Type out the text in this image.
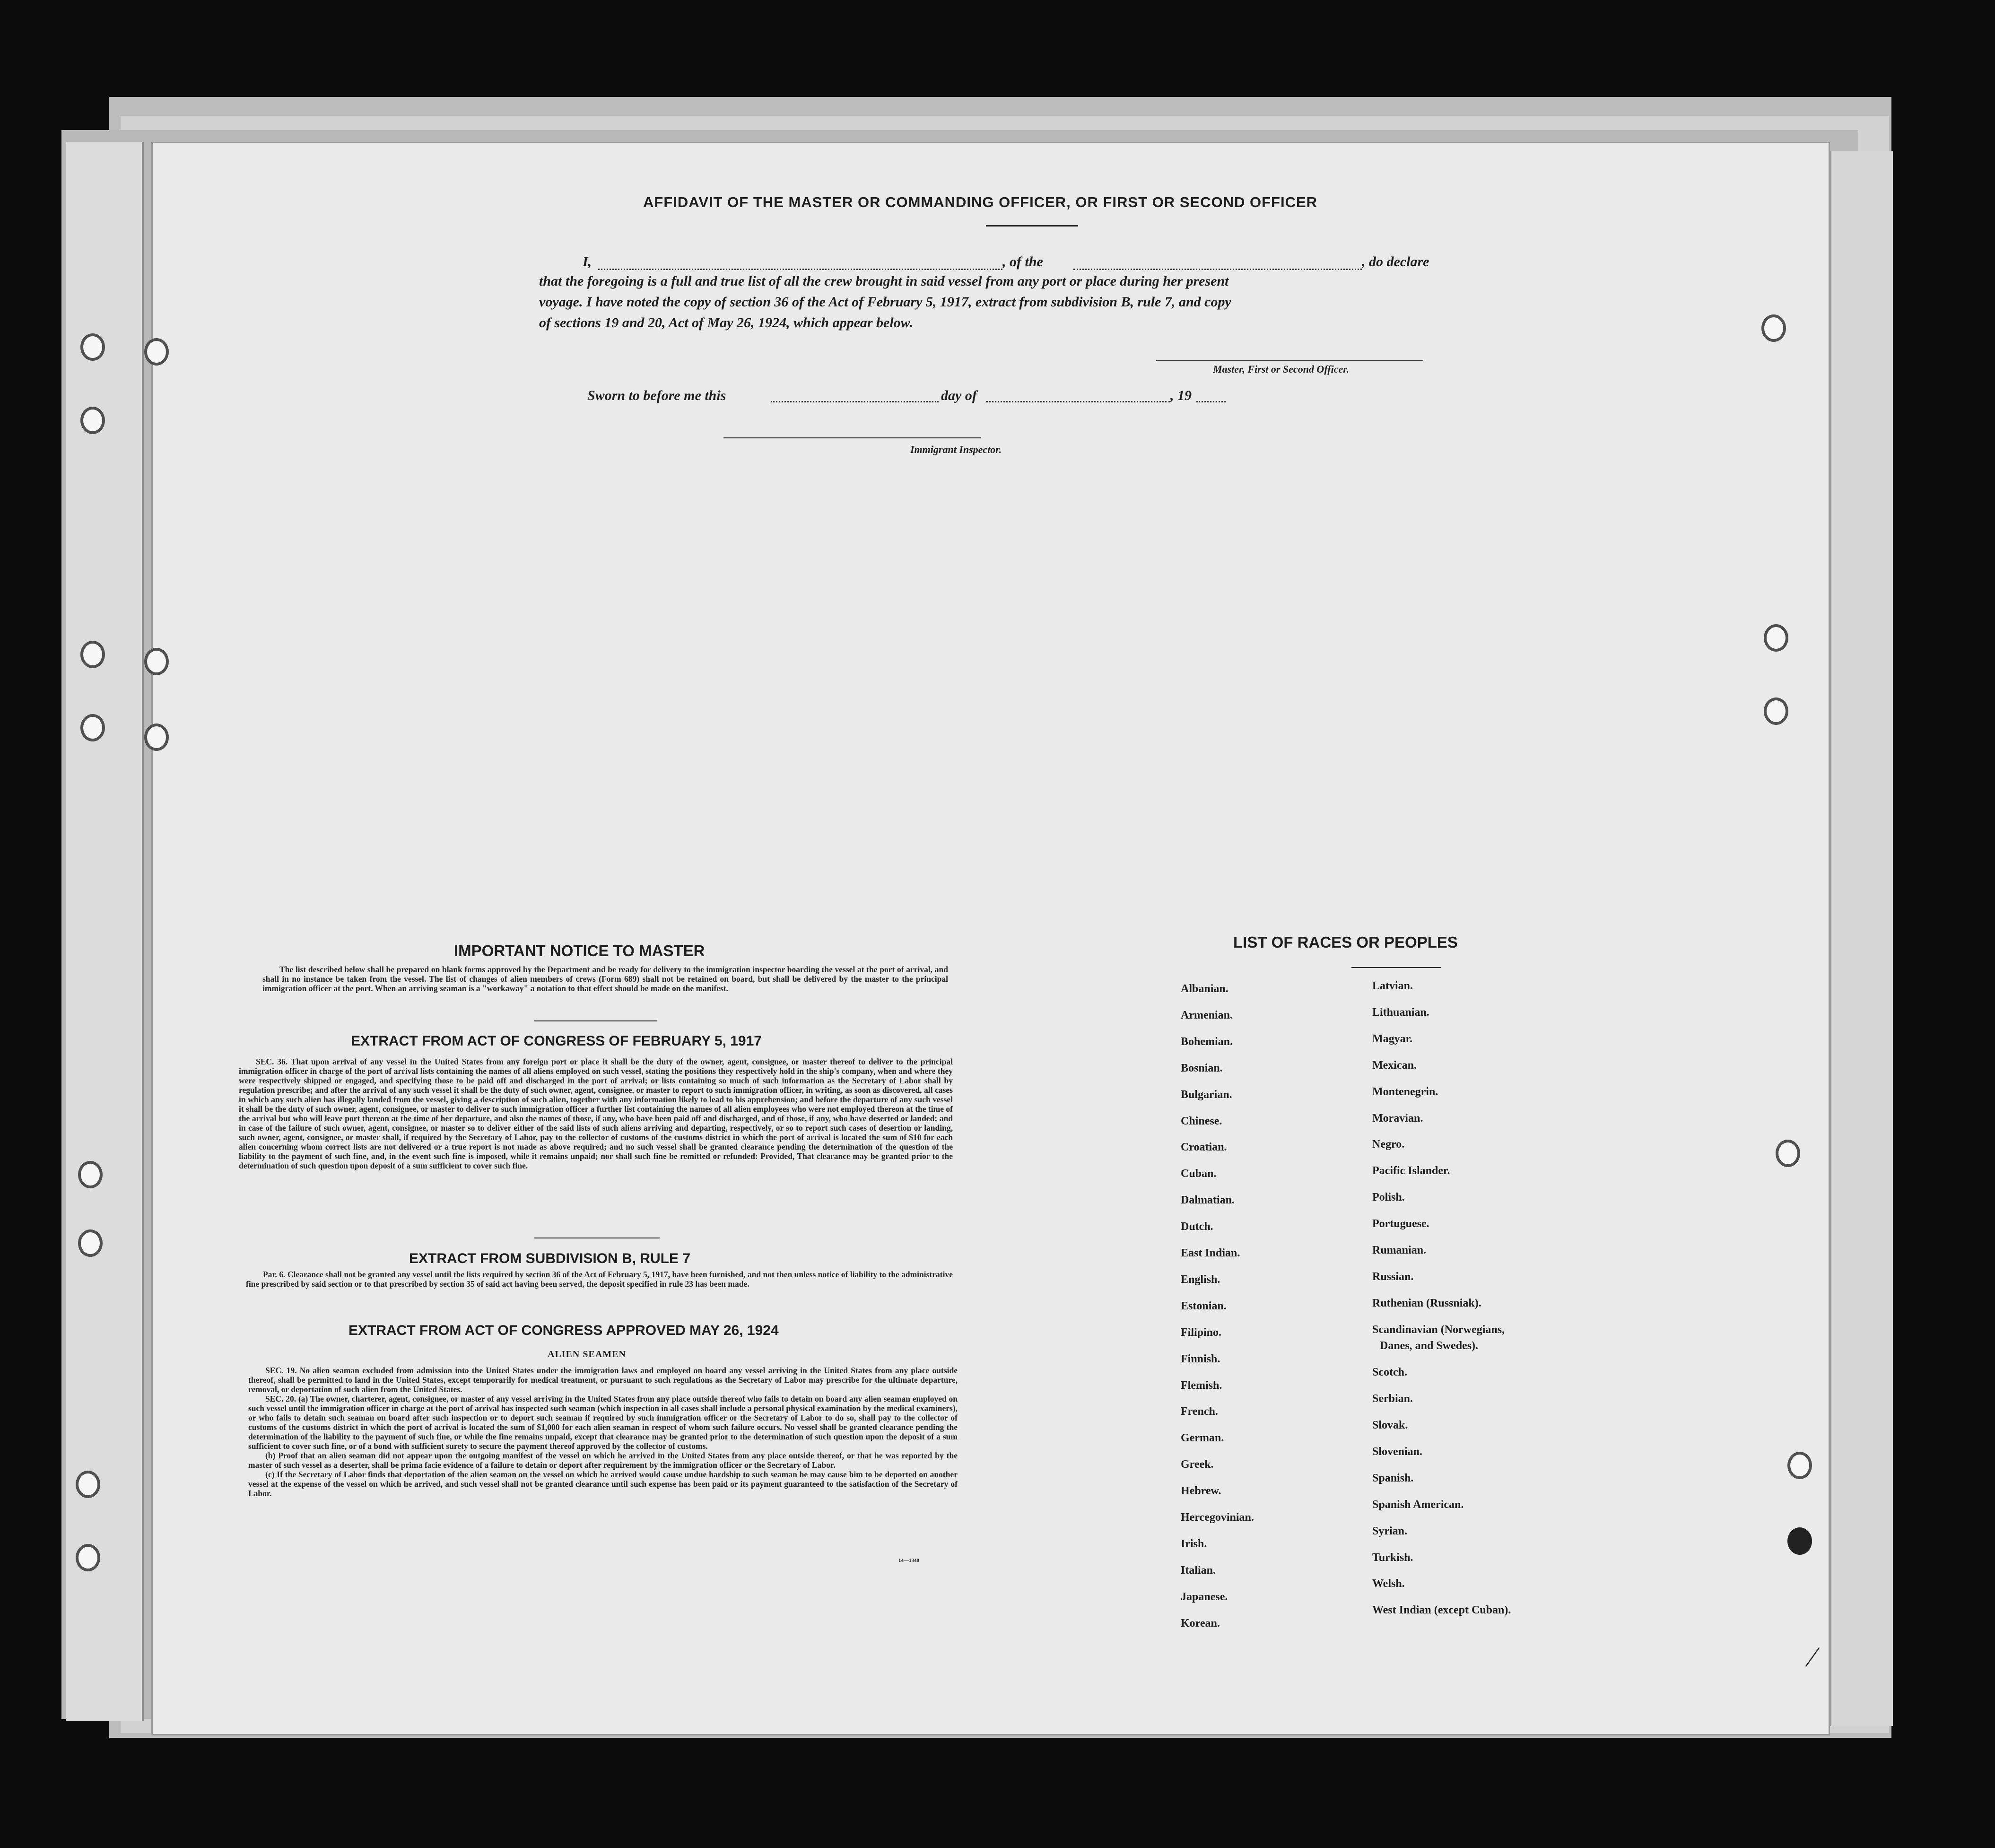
AFFIDAVIT OF THE MASTER OR COMMANDING OFFICER, OR FIRST OR SECOND OFFICER
I,	, of the	, do declare
that the foregoing is a full and true list of all the crew brought in said vessel from any port or place during her present
voyage. I have noted the copy of section 36 of the Act of February 5, 1917, extract from subdivision B, rule 7, and copy
of sections 19 and 20, Act of May 26, 1924, which appear below.
Master, First or Second Officer.
Sworn to before me this	day of	, 19
Immigrant Inspector.
IMPORTANT NOTICE TO MASTER

The list described below shall be prepared on blank forms approved by the Department and be ready for delivery to the immigration inspector boarding the vessel at the port of arrival, and shall in no instance be taken from the vessel. The list of changes of alien members of crews (Form 689) shall not be retained on board, but shall be delivered by the master to the principal immigration officer at the port. When an arriving seaman is a "workaway" a notation to that effect should be made on the manifest.

EXTRACT FROM ACT OF CONGRESS OF FEBRUARY 5, 1917

SEC. 36. That upon arrival of any vessel in the United States from any foreign port or place it shall be the duty of the owner, agent, consignee, or master thereof to deliver to the principal immigration officer in charge of the port of arrival lists containing the names of all aliens employed on such vessel, stating the positions they respectively hold in the ship's company, when and where they were respectively shipped or engaged, and specifying those to be paid off and discharged in the port of arrival; or lists containing so much of such information as the Secretary of Labor shall by regulation prescribe; and after the arrival of any such vessel it shall be the duty of such owner, agent, consignee, or master to report to such immigration officer, in writing, as soon as discovered, all cases in which any such alien has illegally landed from the vessel, giving a description of such alien, together with any information likely to lead to his apprehension; and before the departure of any such vessel it shall be the duty of such owner, agent, consignee, or master to deliver to such immigration officer a further list containing the names of all alien employees who were not employed thereon at the time of the arrival but who will leave port thereon at the time of her departure, and also the names of those, if any, who have been paid off and discharged, and of those, if any, who have deserted or landed; and in case of the failure of such owner, agent, consignee, or master so to deliver either of the said lists of such aliens arriving and departing, respectively, or so to report such cases of desertion or landing, such owner, agent, consignee, or master shall, if required by the Secretary of Labor, pay to the collector of customs of the customs district in which the port of arrival is located the sum of $10 for each alien concerning whom correct lists are not delivered or a true report is not made as above required; and no such vessel shall be granted clearance pending the determination of the question of the liability to the payment of such fine, and, in the event such fine is imposed, while it remains unpaid; nor shall such fine be remitted or refunded: Provided, That clearance may be granted prior to the determination of such question upon deposit of a sum sufficient to cover such fine.

EXTRACT FROM SUBDIVISION B, RULE 7

Par. 6. Clearance shall not be granted any vessel until the lists required by section 36 of the Act of February 5, 1917, have been furnished, and not then unless notice of liability to the administrative fine prescribed by said section or to that prescribed by section 35 of said act having been served, the deposit specified in rule 23 has been made.

EXTRACT FROM ACT OF CONGRESS APPROVED MAY 26, 1924
ALIEN SEAMEN

SEC. 19. No alien seaman excluded from admission into the United States under the immigration laws and employed on board any vessel arriving in the United States from any place outside thereof, shall be permitted to land in the United States, except temporarily for medical treatment, or pursuant to such regulations as the Secretary of Labor may prescribe for the ultimate departure, removal, or deportation of such alien from the United States.

SEC. 20. (a) The owner, charterer, agent, consignee, or master of any vessel arriving in the United States from any place outside thereof who fails to detain on board any alien seaman employed on such vessel until the immigration officer in charge at the port of arrival has inspected such seaman (which inspection in all cases shall include a personal physical examination by the medical examiners), or who fails to detain such seaman on board after such inspection or to deport such seaman if required by such immigration officer or the Secretary of Labor to do so, shall pay to the collector of customs of the customs district in which the port of arrival is located the sum of $1,000 for each alien seaman in respect of whom such failure occurs. No vessel shall be granted clearance pending the determination of the liability to the payment of such fine, or while the fine remains unpaid, except that clearance may be granted prior to the determination of such question upon the deposit of a sum sufficient to cover such fine, or of a bond with sufficient surety to secure the payment thereof approved by the collector of customs.

(b) Proof that an alien seaman did not appear upon the outgoing manifest of the vessel on which he arrived in the United States from any place outside thereof, or that he was reported by the master of such vessel as a deserter, shall be prima facie evidence of a failure to detain or deport after requirement by the immigration officer or the Secretary of Labor.

(c) If the Secretary of Labor finds that deportation of the alien seaman on the vessel on which he arrived would cause undue hardship to such seaman he may cause him to be deported on another vessel at the expense of the vessel on which he arrived, and such vessel shall not be granted clearance until such expense has been paid or its payment guaranteed to the satisfaction of the Secretary of Labor.

14—1340
LIST OF RACES OR PEOPLES
Albanian.
Armenian.
Bohemian.
Bosnian.
Bulgarian.
Chinese.
Croatian.
Cuban.
Dalmatian.
Dutch.
East Indian.
English.
Estonian.
Filipino.
Finnish.
Flemish.
French.
German.
Greek.
Hebrew.
Hercegovinian.
Irish.
Italian.
Japanese.
Korean.
Latvian.
Lithuanian.
Magyar.
Mexican.
Montenegrin.
Moravian.
Negro.
Pacific Islander.
Polish.
Portuguese.
Rumanian.
Russian.
Ruthenian (Russniak).
Scandinavian (Norwegians,
Danes, and Swedes).
Scotch.
Serbian.
Slovak.
Slovenian.
Spanish.
Spanish American.
Syrian.
Turkish.
Welsh.
West Indian (except Cuban).
⁄
